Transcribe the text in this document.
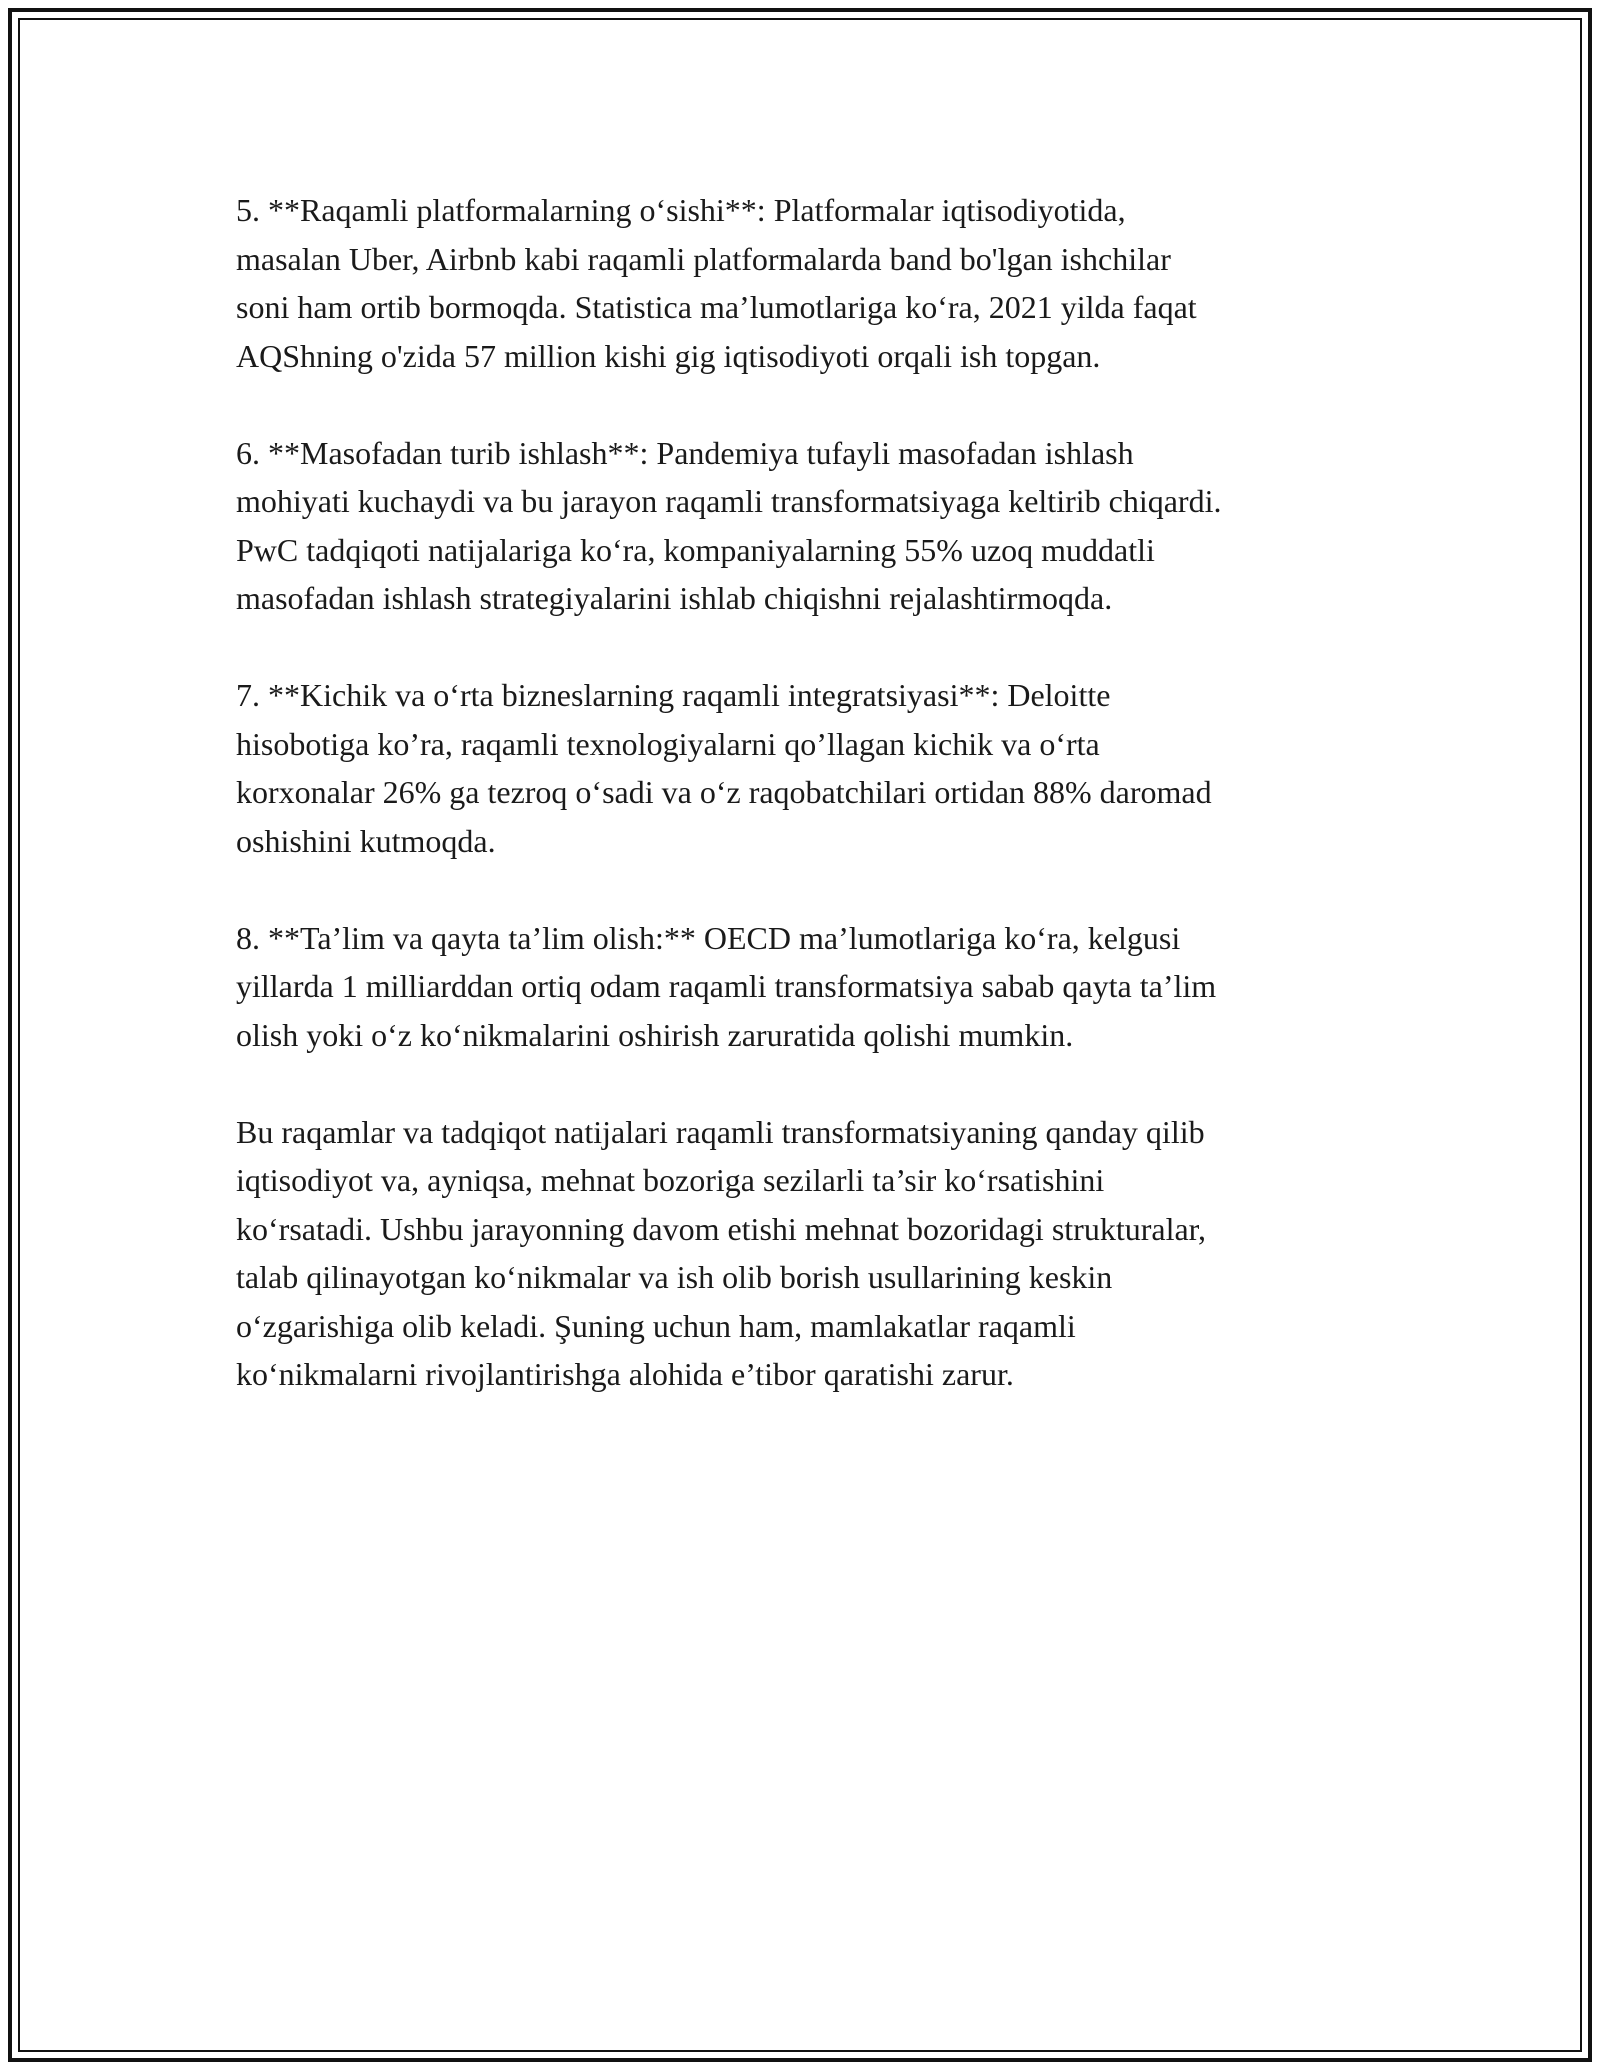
5. **Raqamli platformalarning o‘sishi**: Platformalar iqtisodiyotida,
masalan Uber, Airbnb kabi raqamli platformalarda band bo'lgan ishchilar
soni ham ortib bormoqda. Statistica ma’lumotlariga ko‘ra, 2021 yilda faqat
AQShning o'zida 57 million kishi gig iqtisodiyoti orqali ish topgan.

6. **Masofadan turib ishlash**: Pandemiya tufayli masofadan ishlash
mohiyati kuchaydi va bu jarayon raqamli transformatsiyaga keltirib chiqardi.
PwC tadqiqoti natijalariga ko‘ra, kompaniyalarning 55% uzoq muddatli
masofadan ishlash strategiyalarini ishlab chiqishni rejalashtirmoqda.

7. **Kichik va o‘rta bizneslarning raqamli integratsiyasi**: Deloitte
hisobotiga ko’ra, raqamli texnologiyalarni qo’llagan kichik va o‘rta
korxonalar 26% ga tezroq o‘sadi va o‘z raqobatchilari ortidan 88% daromad
oshishini kutmoqda.

8. **Ta’lim va qayta ta’lim olish:** OECD ma’lumotlariga ko‘ra, kelgusi
yillarda 1 milliarddan ortiq odam raqamli transformatsiya sabab qayta ta’lim
olish yoki o‘z ko‘nikmalarini oshirish zaruratida qolishi mumkin.

Bu raqamlar va tadqiqot natijalari raqamli transformatsiyaning qanday qilib
iqtisodiyot va, ayniqsa, mehnat bozoriga sezilarli ta’sir ko‘rsatishini
ko‘rsatadi. Ushbu jarayonning davom etishi mehnat bozoridagi strukturalar,
talab qilinayotgan ko‘nikmalar va ish olib borish usullarining keskin
o‘zgarishiga olib keladi. Şuning uchun ham, mamlakatlar raqamli
ko‘nikmalarni rivojlantirishga alohida e’tibor qaratishi zarur.
